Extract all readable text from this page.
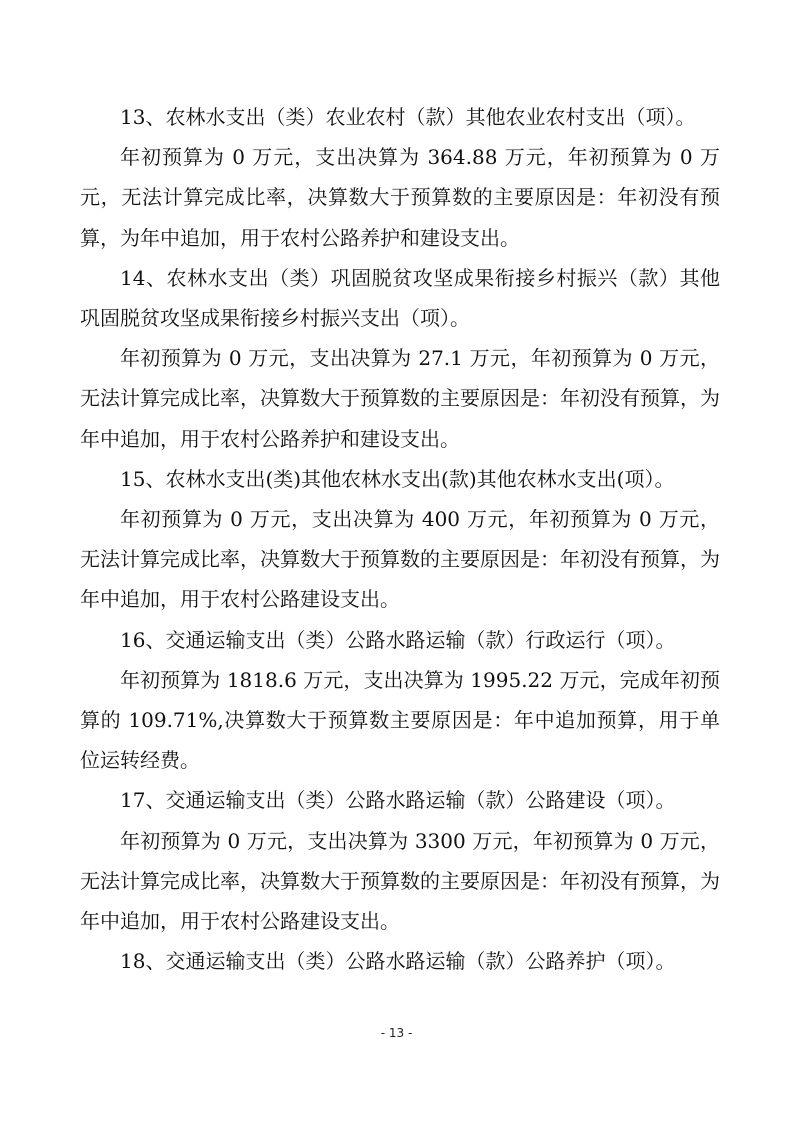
13、农林水支出（类）农业农村（款）其他农业农村支出（项）。

年初预算为 0 万元，支出决算为 364.88 万元，年初预算为 0 万元，无法计算完成比率，决算数大于预算数的主要原因是：年初没有预算，为年中追加，用于农村公路养护和建设支出。

14、农林水支出（类）巩固脱贫攻坚成果衔接乡村振兴（款）其他巩固脱贫攻坚成果衔接乡村振兴支出（项）。

年初预算为 0 万元，支出决算为 27.1 万元，年初预算为 0 万元，无法计算完成比率，决算数大于预算数的主要原因是：年初没有预算，为年中追加，用于农村公路养护和建设支出。

15、农林水支出(类)其他农林水支出(款)其他农林水支出(项）。

年初预算为 0 万元，支出决算为 400 万元，年初预算为 0 万元，无法计算完成比率，决算数大于预算数的主要原因是：年初没有预算，为年中追加，用于农村公路建设支出。

16、交通运输支出（类）公路水路运输（款）行政运行（项）。

年初预算为 1818.6 万元，支出决算为 1995.22 万元，完成年初预算的 109.71%,决算数大于预算数主要原因是：年中追加预算，用于单位运转经费。

17、交通运输支出（类）公路水路运输（款）公路建设（项）。

年初预算为 0 万元，支出决算为 3300 万元，年初预算为 0 万元，无法计算完成比率，决算数大于预算数的主要原因是：年初没有预算，为年中追加，用于农村公路建设支出。

18、交通运输支出（类）公路水路运输（款）公路养护（项）。

- 13 -
